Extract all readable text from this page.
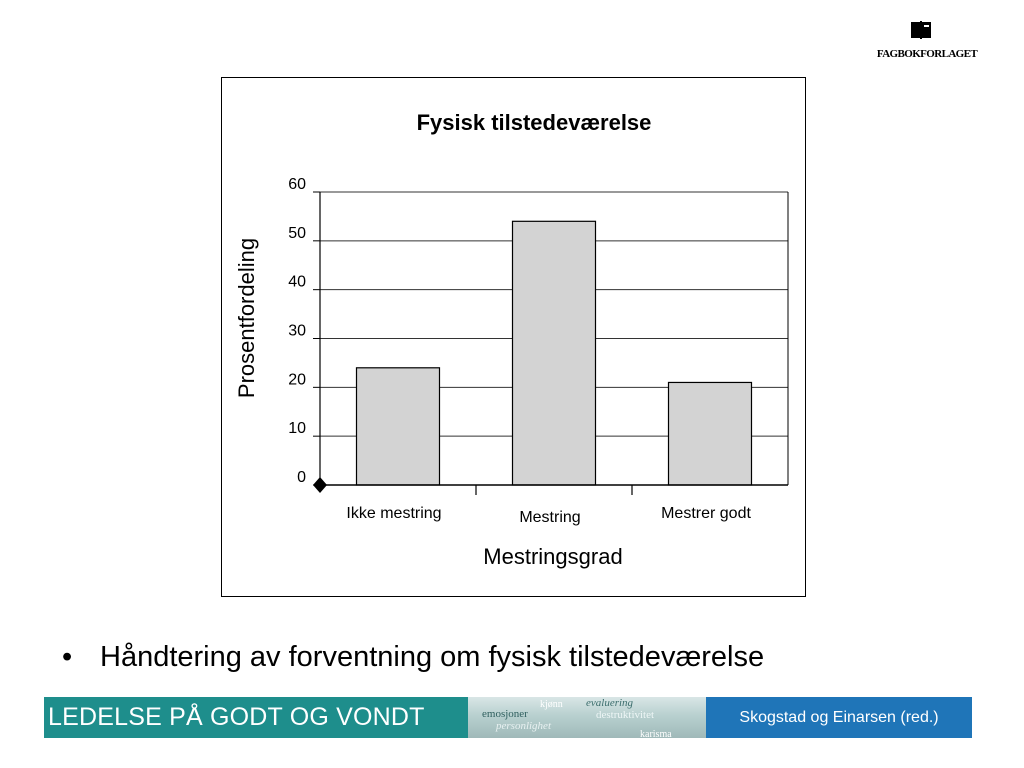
FAGBOKFORLAGET
Fysisk tilstedeværelse
0
10
20
30
40
50
60
Ikke mestring	Mestring	Mestrer godt
Prosentfordeling
Mestringsgrad
• Håndtering av forventning om fysisk tilstedeværelse
LEDELSE PÅ GODT OG VONDT	evaluering
kjønn
emosjoner	destruktivitet
personlighet
karisma
Skogstad og Einarsen (red.)
